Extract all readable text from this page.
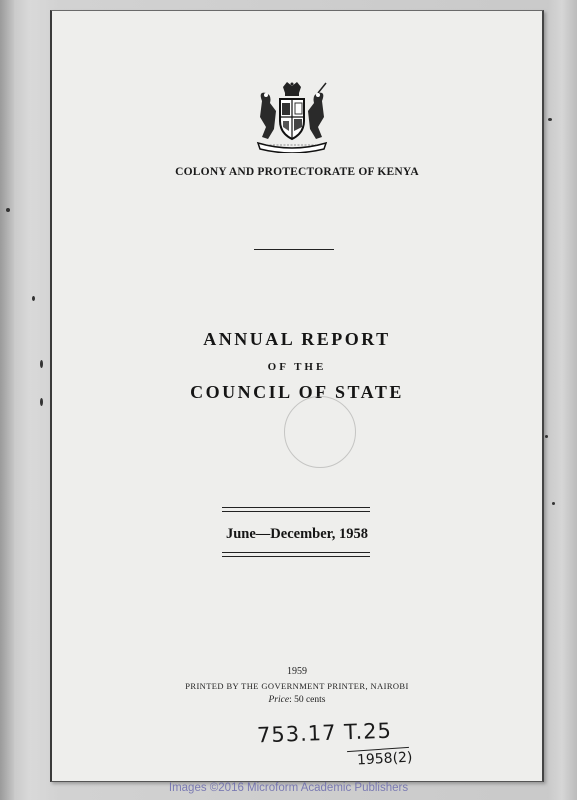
COLONY AND PROTECTORATE OF KENYA
ANNUAL REPORT
OF THE
COUNCIL OF STATE
June—December, 1958
1959
PRINTED BY THE GOVERNMENT PRINTER, NAIROBI
Price: 50 cents
753.17 T.25
1958(2)
Images ©2016 Microform Academic Publishers
